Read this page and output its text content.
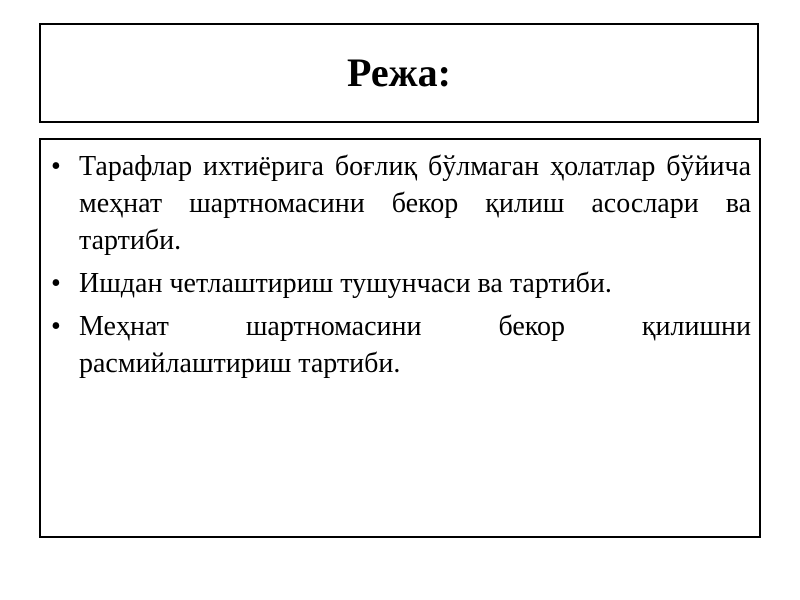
Режа:
• Тарафлар ихтиёрига боғлиқ бўлмаган ҳолатлар бўйича меҳнат шартномасини бекор қилиш асослари ва тартиби.
• Ишдан четлаштириш тушунчаси ва тартиби.
• Меҳнат шартномасини бекор қилишни расмийлаштириш тартиби.
